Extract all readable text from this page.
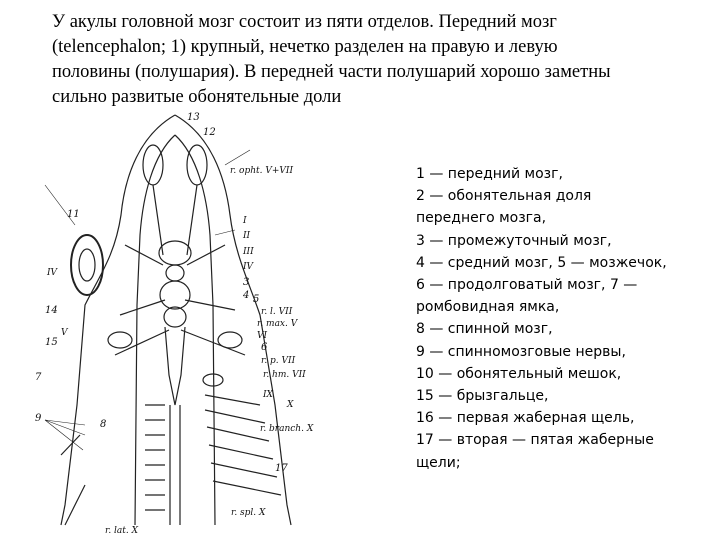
У акулы головной мозг состоит из пяти отделов. Передний мозг
(telencephalon; 1) крупный, нечетко разделен на правую и левую
половины (полушария). В передней части полушарий хорошо заметны
сильно развитые обонятельные доли
13
12
r. opht. V+VII
11
I
II
III
IV
IV
3
4 5
14
15
r. l. VII
r. max. V
VI
V
6
7
r. p. VII
r. hm. VII
IX
X
9
8	r. branch. X
17
r. lat. X
r. spl. X
1 — передний мозг,
2 — обонятельная доля
переднего мозга,
3 — промежуточный мозг,
4 — средний мозг, 5 — мозжечок,
6 — продолговатый мозг, 7 —
ромбовидная ямка,
8 — спинной мозг,
9 — спинномозговые нервы,
10 — обонятельный мешок,
15 — брызгальце,
16 — первая жаберная щель,
17 — вторая — пятая жаберные
щели;
